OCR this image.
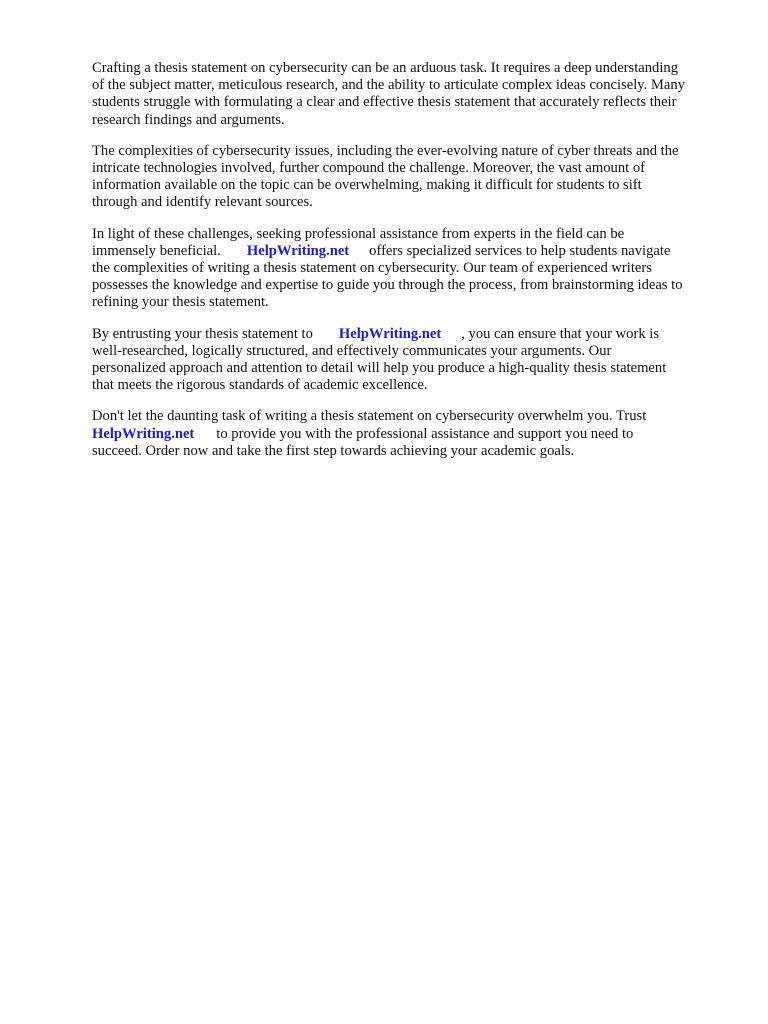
Crafting a thesis statement on cybersecurity can be an arduous task. It requires a deep understanding
of the subject matter, meticulous research, and the ability to articulate complex ideas concisely. Many
students struggle with formulating a clear and effective thesis statement that accurately reflects their
research findings and arguments.

The complexities of cybersecurity issues, including the ever-evolving nature of cyber threats and the
intricate technologies involved, further compound the challenge. Moreover, the vast amount of
information available on the topic can be overwhelming, making it difficult for students to sift
through and identify relevant sources.

In light of these challenges, seeking professional assistance from experts in the field can be
immensely beneficial. HelpWriting.net offers specialized services to help students navigate
the complexities of writing a thesis statement on cybersecurity. Our team of experienced writers
possesses the knowledge and expertise to guide you through the process, from brainstorming ideas to
refining your thesis statement.

By entrusting your thesis statement to HelpWriting.net , you can ensure that your work is
well-researched, logically structured, and effectively communicates your arguments. Our
personalized approach and attention to detail will help you produce a high-quality thesis statement
that meets the rigorous standards of academic excellence.

Don't let the daunting task of writing a thesis statement on cybersecurity overwhelm you. Trust
HelpWriting.net to provide you with the professional assistance and support you need to
succeed. Order now and take the first step towards achieving your academic goals.
